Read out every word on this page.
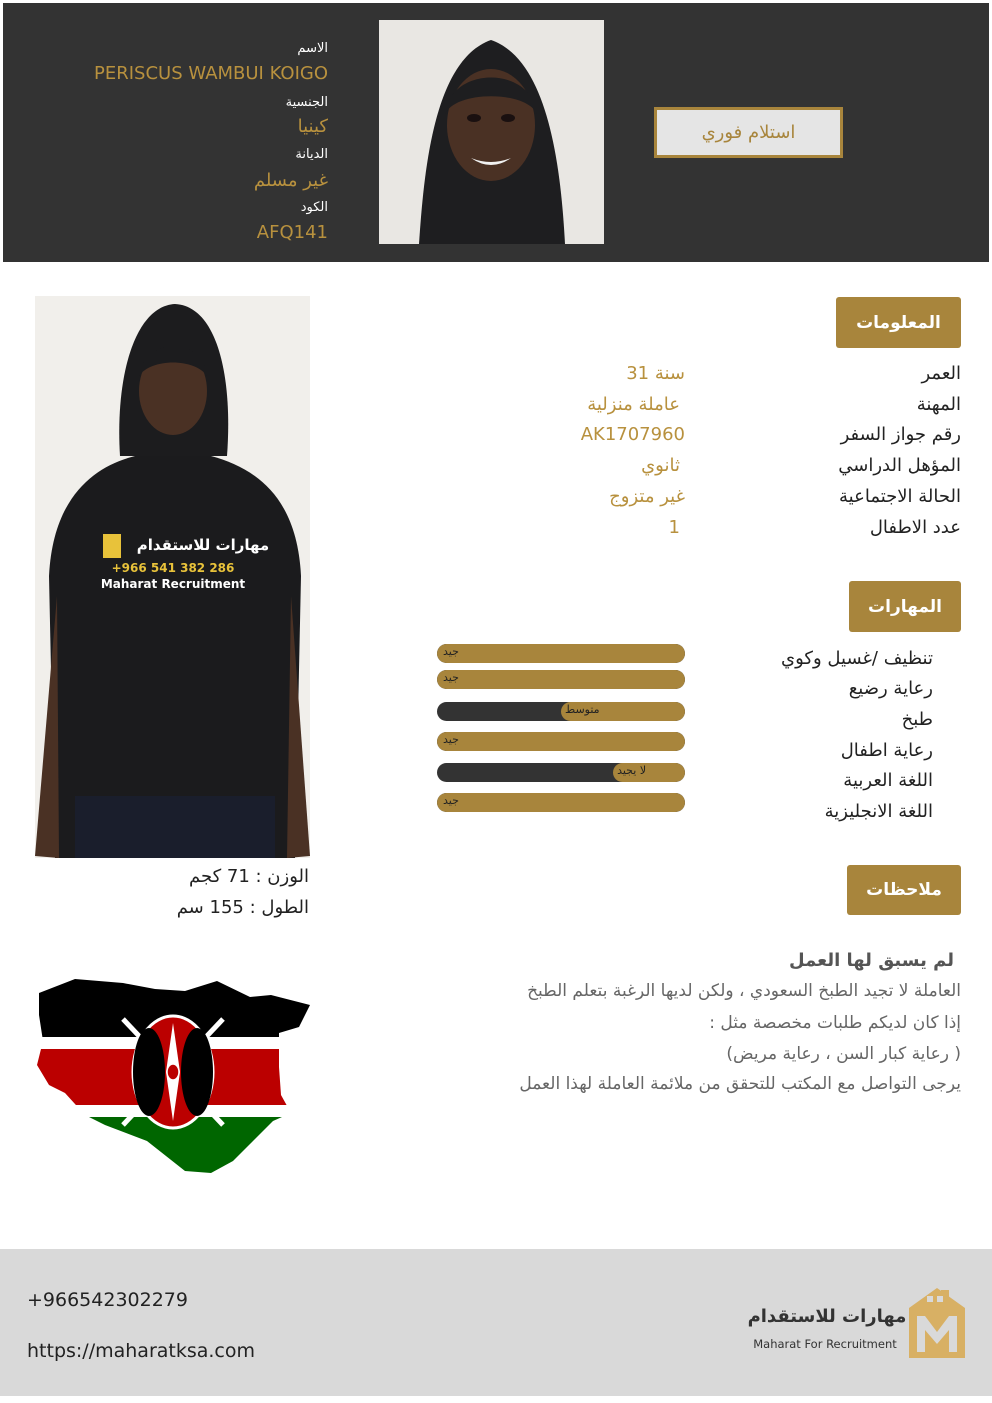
الاسم
PERISCUS WAMBUI KOIGO
الجنسية
كينيا
الديانة
غير مسلم
الكود
AFQ141
استلام فوري
مهارات للاستقدام
+966 541 382 286
Maharat Recruitment
الوزن : 71 كجم
الطول : 155 سم
المعلومات
العمر
31 سنة
المهنة
عاملة منزلية
رقم جواز السفر
AK1707960
المؤهل الدراسي
ثانوي
الحالة الاجتماعية
غير متزوج
عدد الاطفال
1
المهارات
تنظيف /غسيل وكوي
رعاية رضيع
طبخ
رعاية اطفال
اللغة العربية
اللغة الانجليزية
جيد
جيد
متوسط
جيد
لا يجيد
جيد
ملاحظات
لم يسبق لها العمل
العاملة لا تجيد الطبخ السعودي ، ولكن لديها الرغبة بتعلم الطبخ
إذا كان لديكم طلبات مخصصة مثل :
( رعاية كبار السن ، رعاية مريض)
يرجى التواصل مع المكتب للتحقق من ملائمة العاملة لهذا العمل
+966542302279
https://maharatksa.com
مهارات للاستقدام
Maharat For Recruitment
